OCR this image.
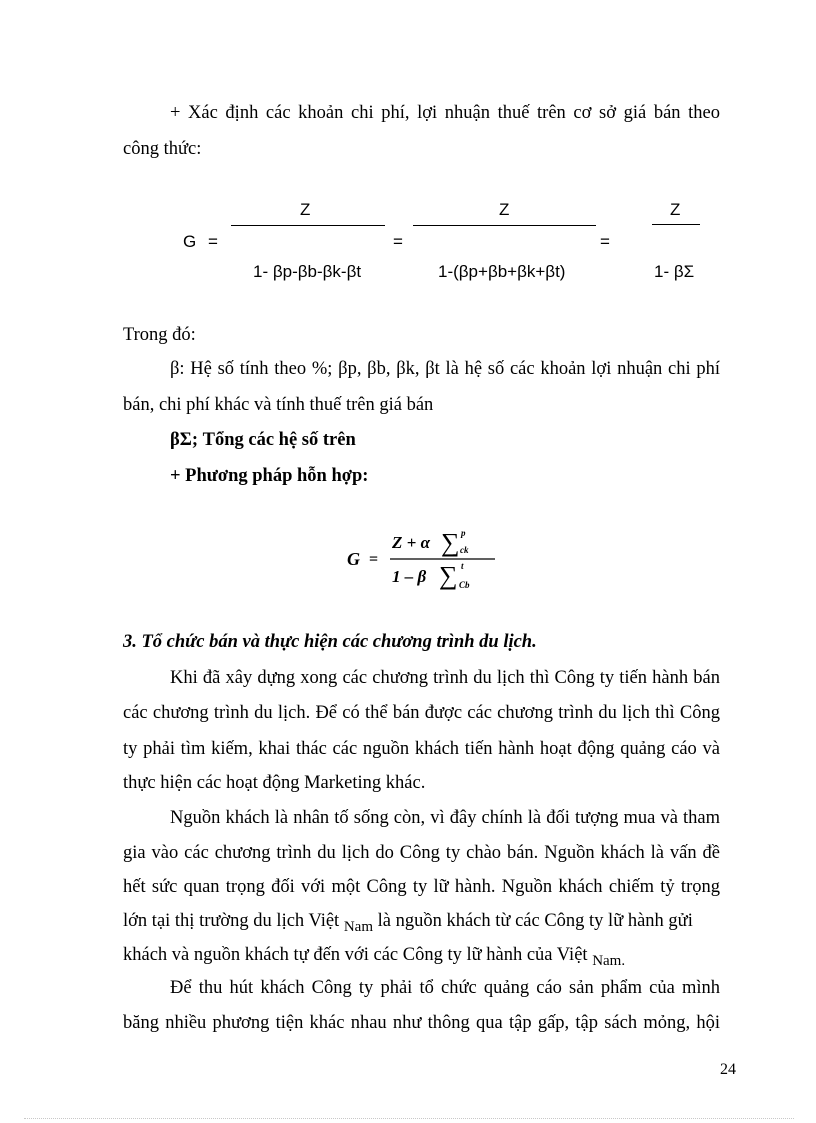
+ Xác định các khoản chi phí, lợi nhuận thuế trên cơ sở giá bán theo
công thức:
G =
Z
1- βp-βb-βk-βt
=
Z
1-(βp+βb+βk+βt)
=
Z
1- βΣ
Trong đó:
β: Hệ số tính theo %; βp, βb, βk, βt là hệ số các khoản lợi nhuận chi phí
bán, chi phí khác và tính thuế trên giá bán
βΣ; Tổng các hệ số trên
+ Phương pháp hỗn hợp:
G =
Z + α ∑ p
ck
1 – β ∑ t
Cb
3. Tổ chức bán và thực hiện các chương trình du lịch.
Khi đã xây dựng xong các chương trình du lịch thì Công ty tiến hành bán
các chương trình du lịch. Để có thể bán được các chương trình du lịch thì Công
ty phải tìm kiếm, khai thác các nguồn khách tiến hành hoạt động quảng cáo và
thực hiện các hoạt động Marketing khác.
Nguồn khách là nhân tố sống còn, vì đây chính là đối tượng mua và tham
gia vào các chương trình du lịch do Công ty chào bán. Nguồn khách là vấn đề
hết sức quan trọng đối với một Công ty lữ hành. Nguồn khách chiếm tỷ trọng
lớn tại thị trường du lịch Việt $_{Nam}$ là nguồn khách từ các Công ty lữ hành gửi
khách và nguồn khách tự đến với các Công ty lữ hành của Việt $_{Nam.}$
Để thu hút khách Công ty phải tổ chức quảng cáo sản phẩm của mình
băng nhiều phương tiện khác nhau như thông qua tập gấp, tập sách mỏng, hội
24
